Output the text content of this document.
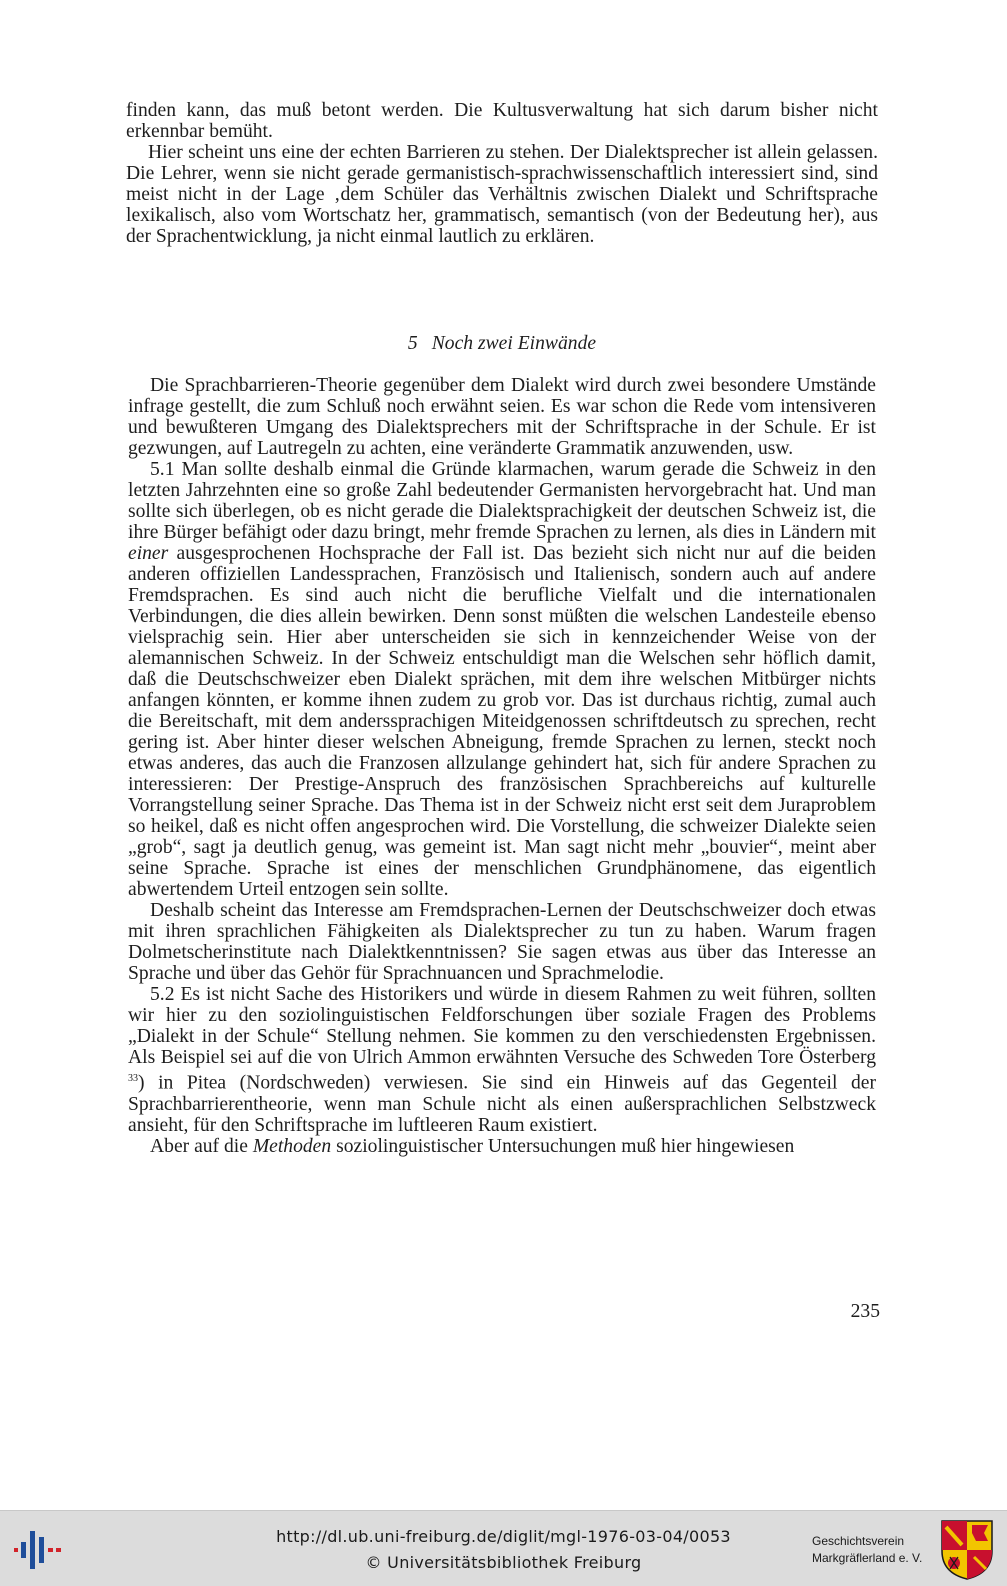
finden kann, das muß betont werden. Die Kultusverwaltung hat sich darum bisher nicht erkennbar bemüht.

Hier scheint uns eine der echten Barrieren zu stehen. Der Dialektsprecher ist allein gelassen. Die Lehrer, wenn sie nicht gerade germanistisch-sprachwissenschaftlich interessiert sind, sind meist nicht in der Lage ‚dem Schüler das Verhältnis zwischen Dialekt und Schriftsprache lexikalisch, also vom Wortschatz her, grammatisch, semantisch (von der Bedeutung her), aus der Sprachentwicklung, ja nicht einmal lautlich zu erklären.

5 Noch zwei Einwände

Die Sprachbarrieren-Theorie gegenüber dem Dialekt wird durch zwei besondere Umstände infrage gestellt, die zum Schluß noch erwähnt seien. Es war schon die Rede vom intensiveren und bewußteren Umgang des Dialektsprechers mit der Schriftsprache in der Schule. Er ist gezwungen, auf Lautregeln zu achten, eine veränderte Grammatik anzuwenden, usw.

5.1 Man sollte deshalb einmal die Gründe klarmachen, warum gerade die Schweiz in den letzten Jahrzehnten eine so große Zahl bedeutender Germanisten hervorgebracht hat. Und man sollte sich überlegen, ob es nicht gerade die Dialektsprachigkeit der deutschen Schweiz ist, die ihre Bürger befähigt oder dazu bringt, mehr fremde Sprachen zu lernen, als dies in Ländern mit einer ausgesprochenen Hochsprache der Fall ist. Das bezieht sich nicht nur auf die beiden anderen offiziellen Landessprachen, Französisch und Italienisch, sondern auch auf andere Fremdsprachen. Es sind auch nicht die berufliche Vielfalt und die internationalen Verbindungen, die dies allein bewirken. Denn sonst müßten die welschen Landesteile ebenso vielsprachig sein. Hier aber unterscheiden sie sich in kennzeichender Weise von der alemannischen Schweiz. In der Schweiz entschuldigt man die Welschen sehr höflich damit, daß die Deutschschweizer eben Dialekt sprächen, mit dem ihre welschen Mitbürger nichts anfangen könnten, er komme ihnen zudem zu grob vor. Das ist durchaus richtig, zumal auch die Bereitschaft, mit dem anderssprachigen Miteidgenossen schriftdeutsch zu sprechen, recht gering ist. Aber hinter dieser welschen Abneigung, fremde Sprachen zu lernen, steckt noch etwas anderes, das auch die Franzosen allzulange gehindert hat, sich für andere Sprachen zu interessieren: Der Prestige-Anspruch des französischen Sprachbereichs auf kulturelle Vorrangstellung seiner Sprache. Das Thema ist in der Schweiz nicht erst seit dem Juraproblem so heikel, daß es nicht offen angesprochen wird. Die Vorstellung, die schweizer Dialekte seien „grob“, sagt ja deutlich genug, was gemeint ist. Man sagt nicht mehr „bouvier“, meint aber seine Sprache. Sprache ist eines der menschlichen Grundphänomene, das eigentlich abwertendem Urteil entzogen sein sollte.

Deshalb scheint das Interesse am Fremdsprachen-Lernen der Deutschschweizer doch etwas mit ihren sprachlichen Fähigkeiten als Dialektsprecher zu tun zu haben. Warum fragen Dolmetscherinstitute nach Dialektkenntnissen? Sie sagen etwas aus über das Interesse an Sprache und über das Gehör für Sprachnuancen und Sprachmelodie.

5.2 Es ist nicht Sache des Historikers und würde in diesem Rahmen zu weit führen, sollten wir hier zu den soziolinguistischen Feldforschungen über soziale Fragen des Problems „Dialekt in der Schule“ Stellung nehmen. Sie kommen zu den verschiedensten Ergebnissen. Als Beispiel sei auf die von Ulrich Ammon erwähnten Versuche des Schweden Tore Österberg $^{33}$) in Pitea (Nordschweden) verwiesen. Sie sind ein Hinweis auf das Gegenteil der Sprachbarrierentheorie, wenn man Schule nicht als einen außersprachlichen Selbstzweck ansieht, für den Schriftsprache im luftleeren Raum existiert.

Aber auf die Methoden soziolinguistischer Untersuchungen muß hier hingewiesen

235
http://dl.ub.uni-freiburg.de/diglit/mgl-1976-03-04/0053
© Universitätsbibliothek Freiburg
Geschichtsverein
Markgräflerland e. V.
